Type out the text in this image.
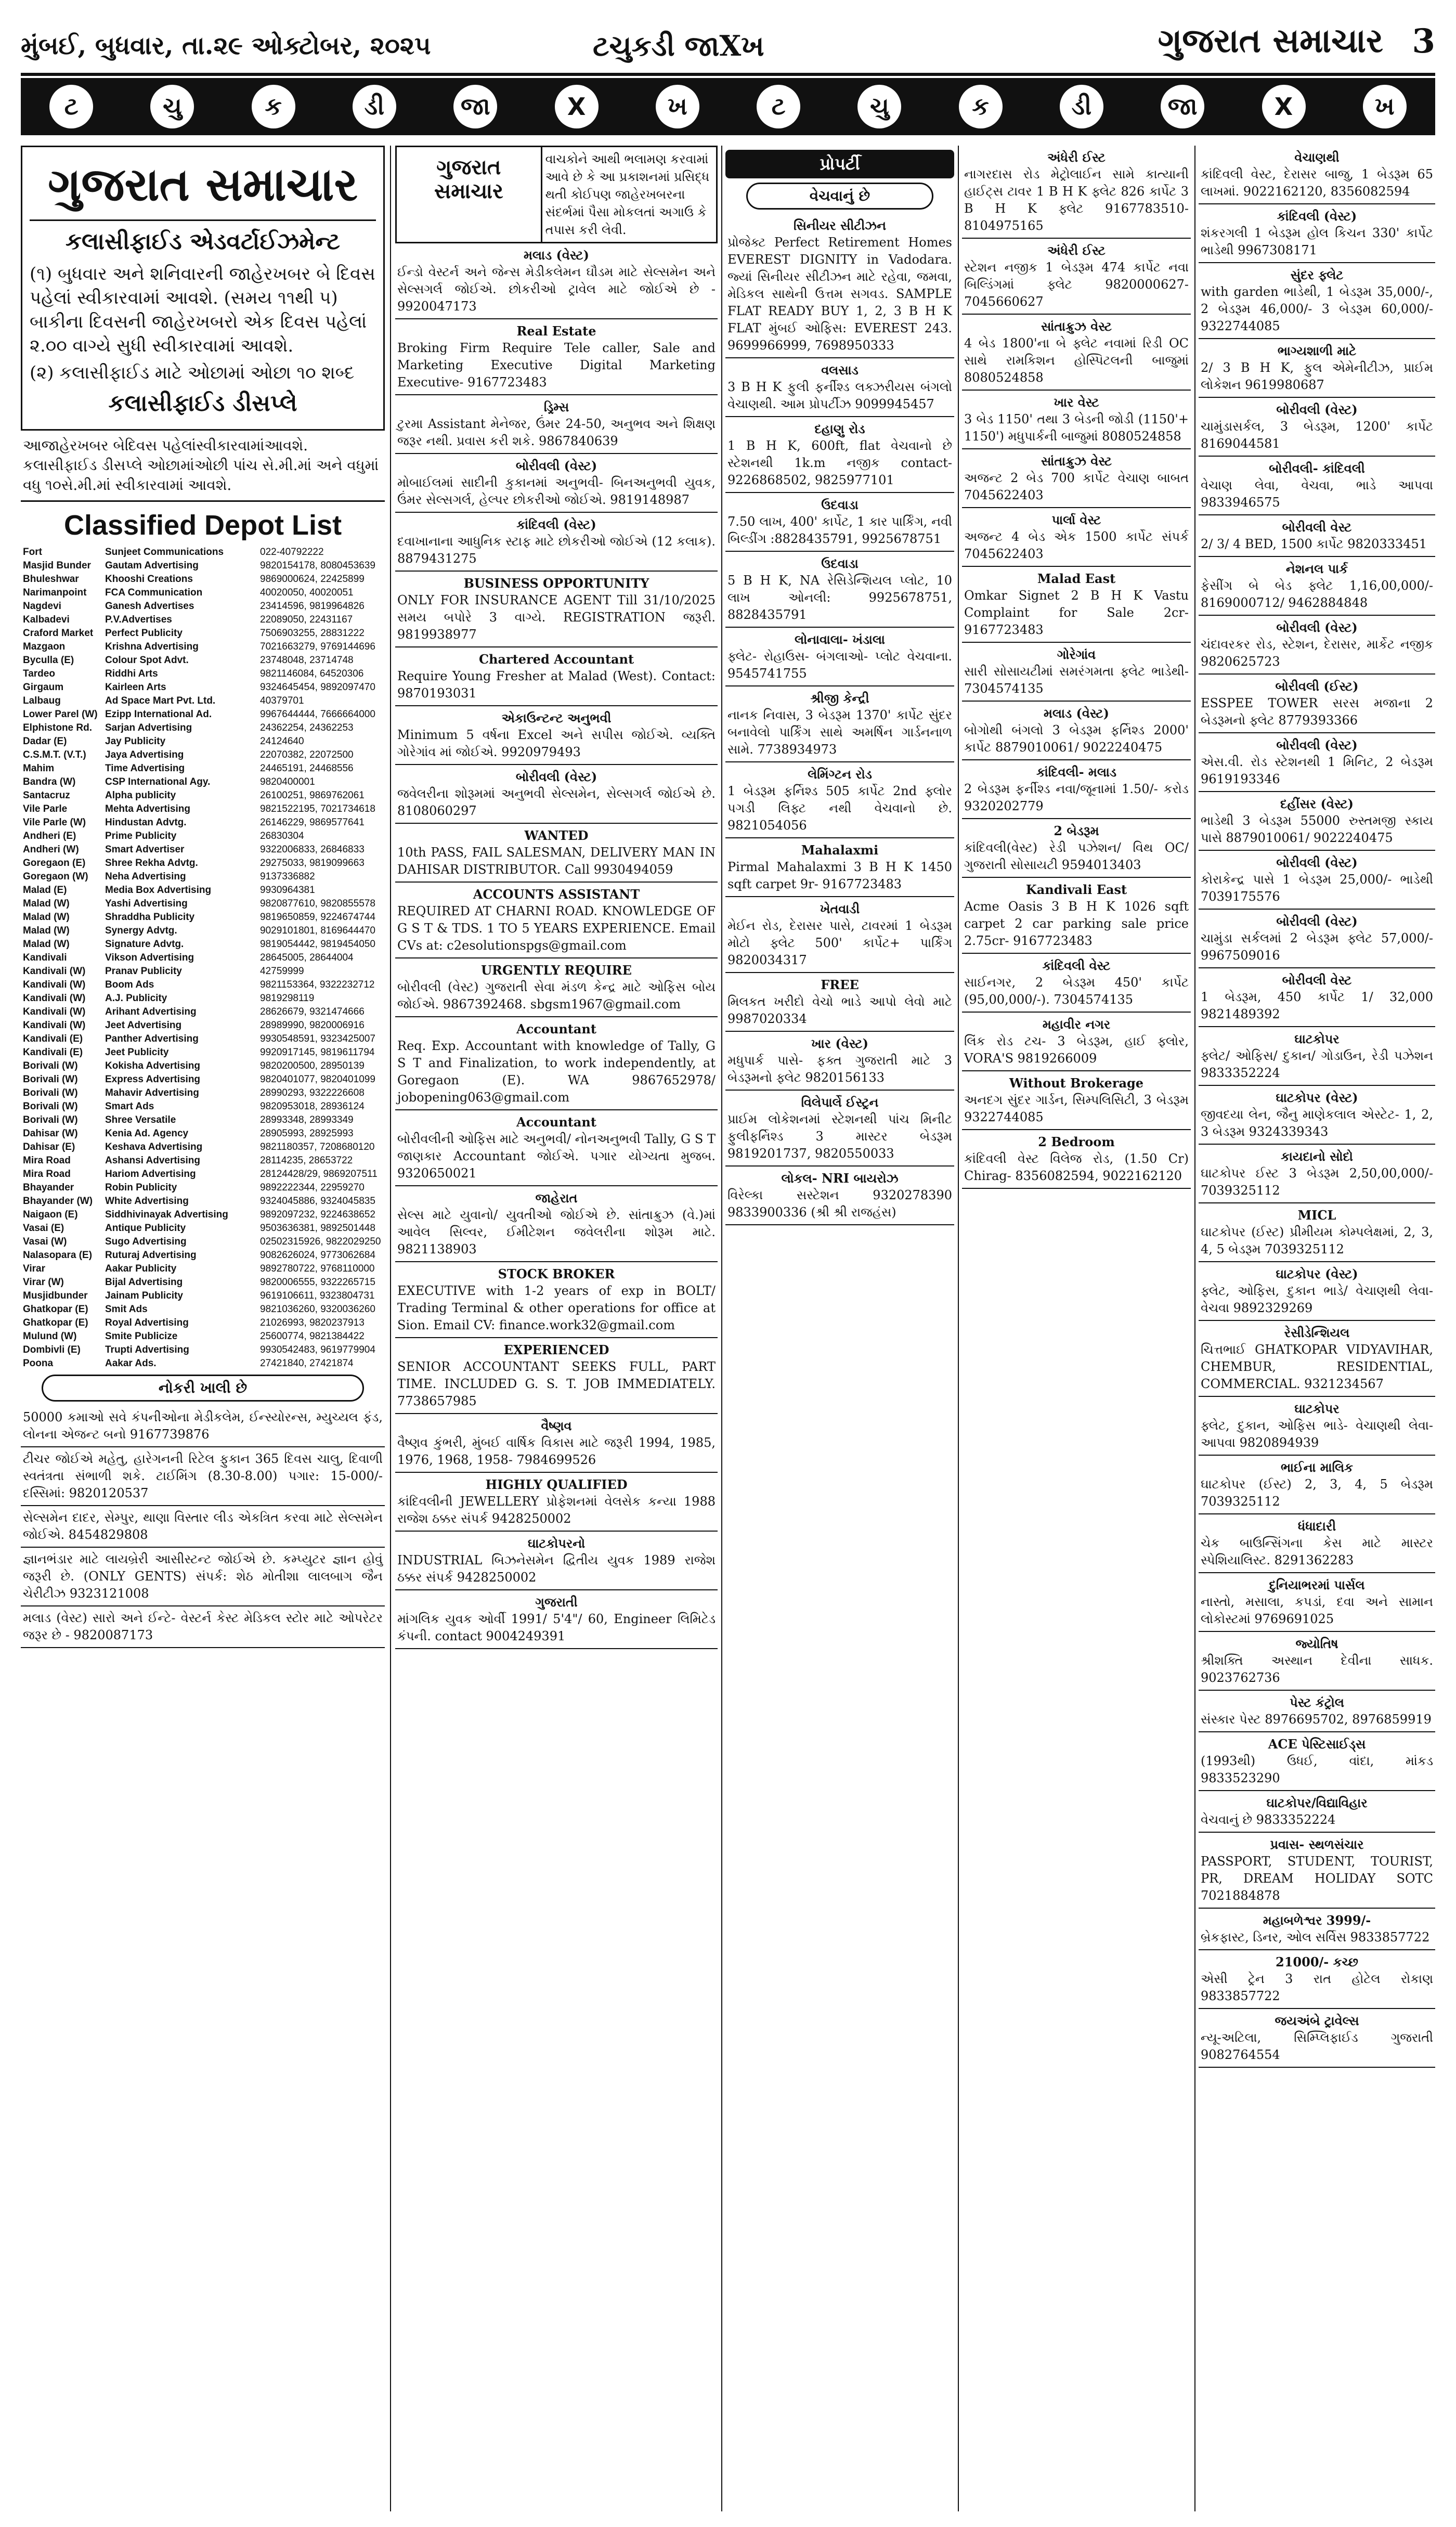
મુંબઈ, બુધવાર, તા.૨૯ ઓક્ટોબર, ૨૦૨૫	ટચુકડી જાXખ	ગુજરાત સમાચાર 3
ટ	ચુ	ક	ડી	જા	X	ખ	ટ	ચુ	ક	ડી	જા	X	ખ
ગુજરાત સમાચાર
કલાસીફાઈડ એડવર્ટાઈઝમેન્ટ

(૧) બુધવાર અને શનિવારની જાહેરખબર બે દિવસ પહેલાં સ્વીકારવામાં આવશે. (સમય ૧૧થી ૫) બાકીના દિવસની જાહેરખબરો એક દિવસ પહેલાં ૨.૦૦ વાગ્યે સુધી સ્વીકારવામાં આવશે.

(૨) કલાસીફાઈડ માટે ઓછામાં ઓછા ૧૦ શબ્દ

કલાસીફાઈડ ડીસપ્લે
આજાહેરખબર બેદિવસ પહેલાંસ્વીકારવામાંઆવશે. કલાસીફાઈડ ડીસપ્લે ઓછામાંઓછી પાંચ સે.મી.માં અને વધુમાં વધુ ૧૦સે.મી.માં સ્વીકારવામાં આવશે.
Classified Depot List
Fort	Sunjeet Communications	022-40792222
Masjid Bunder	Gautam Advertising	9820154178, 8080453639
Bhuleshwar	Khooshi Creations	9869000624, 22425899
Narimanpoint	FCA Communication	40020050, 40020051
Nagdevi	Ganesh Advertises	23414596, 9819964826
Kalbadevi	P.V.Advertises	22089050, 22431167
Craford Market	Perfect Publicity	7506903255, 28831222
Mazgaon	Krishna Advertising	7021663279, 9769144696
Byculla (E)	Colour Spot Advt.	23748048, 23714748
Tardeo	Riddhi Arts	9821146084, 64520306
Girgaum	Kairleen Arts	9324645454, 9892097470
Lalbaug	Ad Space Mart Pvt. Ltd.	40379701
Lower Parel (W)	Ezipp International Ad.	9967644444, 7666664000
Elphistone Rd.	Sarjan Advertising	24362254, 24362253
Dadar (E)	Jay Publicity	24124640
C.S.M.T. (V.T.)	Jaya Advertising	22070382, 22072500
Mahim	Time Advertising	24465191, 24468556
Bandra (W)	CSP International Agy.	9820400001
Santacruz	Alpha publicity	26100251, 9869762061
Vile Parle	Mehta Advertising	9821522195, 7021734618
Vile Parle (W)	Hindustan Advtg.	26146229, 9869577641
Andheri (E)	Prime Publicity	26830304
Andheri (W)	Smart Advertiser	9322006833, 26846833
Goregaon (E)	Shree Rekha Advtg.	29275033, 9819099663
Goregaon (W)	Neha Advertising	9137336882
Malad (E)	Media Box Advertising	9930964381
Malad (W)	Yashi Advertising	9820877610, 9820855578
Malad (W)	Shraddha Publicity	9819650859, 9224674744
Malad (W)	Synergy Advtg.	9029101801, 8169644470
Malad (W)	Signature Advtg.	9819054442, 9819454050
Kandivali	Vikson Advertising	28645005, 28644004
Kandivali (W)	Pranav Publicity	42759999
Kandivali (W)	Boom Ads	9821153364, 9322232712
Kandivali (W)	A.J. Publicity	9819298119
Kandivali (W)	Arihant Advertising	28626679, 9321474666
Kandivali (W)	Jeet Advertising	28989990, 9820006916
Kandivali (E)	Panther Advertising	9930548591, 9323425007
Kandivali (E)	Jeet Publicity	9920917145, 9819611794
Borivali (W)	Kokisha Advertising	9820200500, 28950139
Borivali (W)	Express Advertising	9820401077, 9820401099
Borivali (W)	Mahavir Advertising	28990293, 9322226608
Borivali (W)	Smart Ads	9820953018, 28936124
Borivali (W)	Shree Versatile	28993348, 28993349
Dahisar (W)	Kenia Ad. Agency	28905993, 28925993
Dahisar (E)	Keshava Advertising	9821180357, 7208680120
Mira Road	Ashansi Advertising	28114235, 28653722
Mira Road	Hariom Advertising	28124428/29, 9869207511
Bhayander	Robin Publicity	9892222344, 22959270
Bhayander (W)	White Advertising	9324045886, 9324045835
Naigaon (E)	Siddhivinayak Advertising	9892097232, 9224638652
Vasai (E)	Antique Publicity	9503636381, 9892501448
Vasai (W)	Sugo Advertising	02502315926, 9822029250
Nalasopara (E)	Ruturaj Advertising	9082626024, 9773062684
Virar	Aakar Publicity	9892780722, 9768110000
Virar (W)	Bijal Advertising	9820006555, 9322265715
Musjidbunder	Jainam Publicity	9619106611, 9323804731
Ghatkopar (E)	Smit Ads	9821036260, 9320036260
Ghatkopar (E)	Royal Advertising	21026993, 9820237913
Mulund (W)	Smite Publicize	25600774, 9821384422
Dombivli (E)	Trupti Advertising	9930542483, 9619779904
Poona	Aakar Ads.	27421840, 27421874
નોકરી ખાલી છે
50000 કમાઓ સવે કંપનીઓના મેડીકલેમ, ઈન્સ્યોરન્સ, મ્યુચ્યલ ફંડ, લોનના એજન્ટ બનો 9167739876
ટીચર જોઈએ મહેતુ, હારેગનની રિટેલ ફુકાન 365 દિવસ ચાલુ, દિવાળી સ્વતંત્રતા સંભાળી શકે. ટાઈમિંગ (8.30-8.00) પગાર: 15-000/- દસ્સિમાં: 9820120537
સેલ્સમેન દાદર, સેમ્પુર, થાણા વિસ્તાર લીડ એકત્રિત કરવા માટે સેલ્સમેન જોઈએ. 8454829808
જ્ઞાનભંડાર માટે લાયબ્રેરી આસીસ્ટન્ટ જોઈએ છે. કમ્પ્યુટર જ્ઞાન હોવું જરૂરી છે. (ONLY GENTS) સંપર્ક: શેઠ મોતીશા લાલબાગ જૈન ચેરીટીઝ 9323121008
મલાડ (વેસ્ટ) સારો અને ઈન્ટે- વેસ્ટર્ન કેસ્ટ મેડિકલ સ્ટોર માટે ઓપરેટર જરૂર છે - 9820087173
ગુજરાત સમાચાર
વાચકોને આથી ભલામણ કરવામાં આવે છે કે આ પ્રકાશનમાં પ્રસિદ્ધ થતી કોઈપણ જાહેરખબરના સંદર્ભમાં પૈસા મોકલતાં અગાઉ કે તપાસ કરી લેવી.
મલાડ (વેસ્ટ)
ઈન્ડો વેસ્ટર્ન અને જેન્સ મેડીકલેમન ઘૌડમ માટે સેલ્સમેન અને સેલ્સગર્લ જોઈએ. છોકરીઓ ટ્રાવેલ માટે જોઈએ છે - 9920047173
Real Estate
Broking Firm Require Tele caller, Sale and Marketing Executive Digital Marketing Executive- 9167723483
ડ્રિમ્સ
ટુરમા Assistant મેનેજર, ઉંમર 24-50, અનુભવ અને શિક્ષણ જરૂર નથી. પ્રવાસ કરી શકે. 9867840639
બોરીવલી (વેસ્ટ)
મોબાઈલમાં સાદીની કુકાનમાં અનુભવી- બિનઅનુભવી યુવક, ઉંમર સેલ્સગર્લ, હેલ્પર છોકરીઓ જોઈએ. 9819148987
કાંદિવલી (વેસ્ટ)
દવાખાનાના આધુનિક સ્ટાફ માટે છોકરીઓ જોઈએ (12 કલાક). 8879431275
BUSINESS OPPORTUNITY
ONLY FOR INSURANCE AGENT Till 31/10/2025 સમય બપોરે 3 વાગ્યે. REGISTRATION જરૂરી. 9819938977
Chartered Accountant
Require Young Fresher at Malad (West). Contact: 9870193031
એકાઉન્ટન્ટ અનુભવી
Minimum 5 વર્ષના Excel અને સપીસ જોઈએ. વ્યક્તિ ગોરેગાંવ માં જોઈએ. 9920979493
બોરીવલી (વેસ્ટ)
જવેલરીના શોરૂમમાં અનુભવી સેલ્સમેન, સેલ્સગર્લ જોઈએ છે. 8108060297
WANTED
10th PASS, FAIL SALESMAN, DELIVERY MAN IN DAHISAR DISTRIBUTOR. Call 9930494059
ACCOUNTS ASSISTANT
REQUIRED AT CHARNI ROAD. KNOWLEDGE OF G S T & TDS. 1 TO 5 YEARS EXPERIENCE. Email CVs at: c2esolutionspgs@gmail.com
URGENTLY REQUIRE
બોરીવલી (વેસ્ટ) ગુજરાતી સેવા મંડળ કેન્દ્ર માટે ઓફિસ બોય જોઈએ. 9867392468. sbgsm1967@gmail.com
Accountant
Req. Exp. Accountant with knowledge of Tally, G S T and Finalization, to work independently, at Goregaon (E). WA 9867652978/ jobopening063@gmail.com
Accountant
બોરીવલીની ઓફિસ માટે અનુભવી/ નોનઅનુભવી Tally, G S T જાણકાર Accountant જોઈએ. પગાર યોગ્યતા મુજબ. 9320650021
જાહેરાત
સેલ્સ માટે યુવાનો/ યુવતીઓ જોઈએ છે. સાંતાક્રુઝ (વે.)માં આવેલ સિલ્વર, ઈમીટેશન જવેલરીના શોરૂમ માટે. 9821138903
STOCK BROKER
EXECUTIVE with 1-2 years of exp in BOLT/ Trading Terminal & other operations for office at Sion. Email CV: finance.work32@gmail.com
EXPERIENCED
SENIOR ACCOUNTANT SEEKS FULL, PART TIME. INCLUDED G. S. T. JOB IMMEDIATELY. 7738657985
વૈષ્ણવ
વૈષ્ણવ કુંભરી, મુંબઈ વાર્ષિક વિકાસ માટે જરૂરી 1994, 1985, 1976, 1968, 1958- 7984699526
HIGHLY QUALIFIED
કાંદિવલીની JEWELLERY પ્રોફેશનમાં વેલસેક કન્યા 1988 રાજેશ ઠક્કર સંપર્ક 9428250002
ઘાટકોપરનો
INDUSTRIAL બિઝનેસમેન દ્વિતીય યુવક 1989 રાજેશ ઠક્કર સંપર્ક 9428250002
ગુજરાતી
માંગલિક યુવક ઓર્વી 1991/ 5'4"/ 60, Engineer લિમિટેડ કંપની. contact 9004249391
પ્રોપર્ટી
વેચવાનું છે
સિનીયર સીટીઝન
પ્રોજેક્ટ Perfect Retirement Homes EVEREST DIGNITY in Vadodara. જ્યાં સિનીયર સીટીઝન માટે રહેવા, જમવા, મેડિકલ સાથેની ઉત્તમ સગવડ. SAMPLE FLAT READY BUY 1, 2, 3 B H K FLAT મુંબઈ ઓફિસ: EVEREST 243. 9699966999, 7698950333
વલસાડ
3 B H K ફુલી ફર્નીશ્ડ લક્ઝરીયસ બંગલો વેચાણથી. આમ પ્રોપર્ટીઝ 9099945457
દહાણુ રોડ
1 B H K, 600ft, flat વેચવાનો છે સ્ટેશનથી 1k.m નજીક contact- 9226868502, 9825977101
ઉદવાડા
7.50 લાખ, 400' કાર્પેટ, 1 કાર પાર્કિંગ, નવી બિલ્ડીંગ :8828435791, 9925678751
ઉદવાડા
5 B H K, NA રેસિડેન્શિયલ પ્લોટ, 10 લાખ ઓનલી: 9925678751, 8828435791
લોનાવાલા- ખંડાલા
ફ્લેટ- રોહાઉસ- બંગલાઓ- પ્લોટ વેચવાના. 9545741755
શ્રીજી કેન્દ્રી
નાનક નિવાસ, 3 બેડરૂમ 1370' કાર્પેટ સુંદર બનાવેલો પાર્કિંગ સાથે અમર્ષિન ગાર્ડનનાળ સામે. 7738934973
લેમિંગ્ટન રોડ
1 બેડરૂમ ફર્નિશ્ડ 505 કાર્પેટ 2nd ફ્લોર પગડી લિફ્ટ નથી વેચવાનો છે. 9821054056
Mahalaxmi
Pirmal Mahalaxmi 3 B H K 1450 sqft carpet 9r- 9167723483
ખેતવાડી
મેઈન રોડ, દેરાસર પાસે, ટાવરમાં 1 બેડરૂમ મોટો ફ્લેટ 500' કાર્પેટ+ પાર્કિંગ 9820034317
FREE
મિલકત ખરીદો વેચો ભાડે આપો લેવો માટે 9987020334
ખાર (વેસ્ટ)
મધુપાર્ક પાસે- ફક્ત ગુજરાતી માટે 3 બેડરૂમનો ફ્લેટ 9820156133
વિલેપાર્લે ઈસ્ટ્રન
પ્રાઈમ લોકેશનમાં સ્ટેશનથી પાંચ મિનીટ ફુલીફર્નિશ્ડ 3 માસ્ટર બેડરૂમ 9819201737, 9820550033
લોકલ- NRI બાયરોઝ
વિરેલ્કા સસ્ટેશન 9320278390 9833900336 (શ્રી શ્રી રાજહંસ)
અંધેરી ઈસ્ટ
નાગરદાસ રોડ મેટ્રોલાઈન સામે કાત્યાની હાઈટ્સ ટાવર 1 B H K ફ્લેટ 826 કાર્પેટ 3 B H K ફ્લેટ 9167783510- 8104975165
અંધેરી ઈસ્ટ
સ્ટેશન નજીક 1 બેડરૂમ 474 કાર્પેટ નવા બિલ્ડિંગમાં ફ્લેટ 9820000627- 7045660627
સાંતાક્રુઝ વેસ્ટ
4 બેડ 1800'ના બે ફ્લેટ નવામાં રિડી OC સાથે રામકિશન હોસ્પિટલની બાજુમાં 8080524858
ખાર વેસ્ટ
3 બેડ 1150' તથા 3 બેડની જોડી (1150'+ 1150') મધુપાર્કની બાજુમાં 8080524858
સાંતાક્રુઝ વેસ્ટ
અજન્ટ 2 બેડ 700 કાર્પેટ વેચાણ બાબત 7045622403
પાર્લા વેસ્ટ
અજન્ટ 4 બેડ એક 1500 કાર્પેટ સંપર્ક 7045622403
Malad East
Omkar Signet 2 B H K Vastu Complaint for Sale 2cr- 9167723483
ગોરેગાંવ
સારી સોસાયટીમાં સમરંગમતા ફ્લેટ ભાડેથી- 7304574135
મલાડ (વેસ્ટ)
બોગોથી બંગલો 3 બેડરૂમ ફર્નિશ્ડ 2000' કાર્પેટ 8879010061/ 9022240475
કાંદિવલી- મલાડ
2 બેડરૂમ ફર્નીશ્ડ નવા/જૂનામાં 1.50/- કરોડ 9320202779
2 બેડરૂમ
કાંદિવલી(વેસ્ટ) રેડી પઝેશન/ વિથ OC/ ગુજરાતી સોસાયટી 9594013403
Kandivali East
Acme Oasis 3 B H K 1026 sqft carpet 2 car parking sale price 2.75cr- 9167723483
કાંદિવલી વેસ્ટ
સાઈનગર, 2 બેડરૂમ 450' કાર્પેટ (95,00,000/-). 7304574135
મહાવીર નગર
લિંક રોડ ટચ- 3 બેડરૂમ, હાઈ ફ્લોર, VORA'S 9819266009
Without Brokerage
અનદગ સુંદર ગાર્ડન, સિમ્પલિસિટી, 3 બેડરૂમ 9322744085
2 Bedroom
કાંદિવલી વેસ્ટ વિલેજ રોડ, (1.50 Cr) Chirag- 8356082594, 9022162120
વેચાણથી
કાંદિવલી વેસ્ટ, દેરાસર બાજુ, 1 બેડરૂમ 65 લાખમાં. 9022162120, 8356082594
કાંદિવલી (વેસ્ટ)
શંકરગલી 1 બેડરૂમ હોલ કિચન 330' કાર્પેટ ભાડેથી 9967308171
સુંદર ફ્લેટ
with garden ભાડેથી, 1 બેડરૂમ 35,000/-, 2 બેડરૂમ 46,000/- 3 બેડરૂમ 60,000/- 9322744085
ભાગ્યશાળી માટે
2/ 3 B H K, ફુલ એમેનીટીઝ, પ્રાઈમ લોકેશન 9619980687
બોરીવલી (વેસ્ટ)
ચામુંડાસર્કલ, 3 બેડરૂમ, 1200' કાર્પેટ 8169044581
બોરીવલી- કાંદિવલી
વેચાણ લેવા, વેચવા, ભાડે આપવા 9833946575
બોરીવલી વેસ્ટ
2/ 3/ 4 BED, 1500 કાર્પેટ 9820333451
નેશનલ પાર્ક
ફેસીંગ બે બેડ ફ્લેટ 1,16,00,000/- 8169000712/ 9462884848
બોરીવલી (વેસ્ટ)
ચંદાવરકર રોડ, સ્ટેશન, દેરાસર, માર્કેટ નજીક 9820625723
બોરીવલી (ઈસ્ટ)
ESSPEE TOWER સરસ મજાના 2 બેડરૂમનો ફ્લેટ 8779393366
બોરીવલી (વેસ્ટ)
એસ.વી. રોડ સ્ટેશનથી 1 મિનિટ, 2 બેડરૂમ 9619193346
દહીંસર (વેસ્ટ)
ભાડેથી 3 બેડરૂમ 55000 રુસ્તમજી સ્કાય પાસે 8879010061/ 9022240475
બોરીવલી (વેસ્ટ)
કોરાકેન્દ્ર પાસે 1 બેડરૂમ 25,000/- ભાડેથી 7039175576
બોરીવલી (વેસ્ટ)
ચામુંડા સર્કલમાં 2 બેડરૂમ ફ્લેટ 57,000/- 9967509016
બોરીવલી વેસ્ટ
1 બેડરૂમ, 450 કાર્પેટ 1/ 32,000 9821489392
ઘાટકોપર
ફ્લેટ/ ઓફિસ/ દુકાન/ ગોડાઉન, રેડી પઝેશન 9833352224
ઘાટકોપર (વેસ્ટ)
જીવદયા લેન, જૈનુ માણેકલાલ એસ્ટેટ- 1, 2, 3 બેડરૂમ 9324339343
કાયદાનો સોદો
ઘાટકોપર ઈસ્ટ 3 બેડરૂમ 2,50,00,000/- 7039325112
MICL
ઘાટકોપર (ઈસ્ટ) પ્રીમીયમ કોમ્પલેક્ષમાં, 2, 3, 4, 5 બેડરૂમ 7039325112
ઘાટકોપર (વેસ્ટ)
ફ્લેટ, ઓફિસ, દુકાન ભાડે/ વેચાણથી લેવા- વેચવા 9892329269
રેસીડેન્શિયલ
ચિત્તભાઈ GHATKOPAR VIDYAVIHAR, CHEMBUR, RESIDENTIAL, COMMERCIAL. 9321234567
ઘાટકોપર
ફ્લેટ, દુકાન, ઓફિસ ભાડે- વેચાણથી લેવા- આપવા 9820894939
ભાઈના માલિક
ઘાટકોપર (ઈસ્ટ) 2, 3, 4, 5 બેડરૂમ 7039325112
ધંધાદારી
ચેક બાઉન્સિંગના કેસ માટે માસ્ટર સ્પેશિયાલિસ્ટ. 8291362283
દુનિયાભરમાં પાર્સલ
નાસ્તો, મસાલા, કપડાં, દવા અને સામાન લોકોસ્ટમાં 9769691025
જ્યોતિષ
શ્રીશક્તિ અસ્થાન દેવીના સાધક. 9023762736
પેસ્ટ કંટ્રોલ
સંસ્કાર પેસ્ટ 8976695702, 8976859919
ACE પેસ્ટિસાઈડ્સ
(1993થી) ઉધઈ, વાંદા, માંકડ 9833523290
ઘાટકોપર/વિદ્યાવિહાર
વેચવાનું છે 9833352224
પ્રવાસ- સ્થળસંચાર
PASSPORT, STUDENT, TOURIST, PR, DREAM HOLIDAY SOTC 7021884878
મહાબળેશ્વર 3999/-
બ્રેકફાસ્ટ, ડિનર, ઓલ સર્વિસ 9833857722
21000/- કચ્છ
એસી ટ્રેન 3 રાત હોટેલ રોકાણ 9833857722
જયઅંબે ટ્રાવેલ્સ
ન્યૂ-અટિલા, સિમ્પ્લિફાઈડ ગુજરાતી 9082764554
